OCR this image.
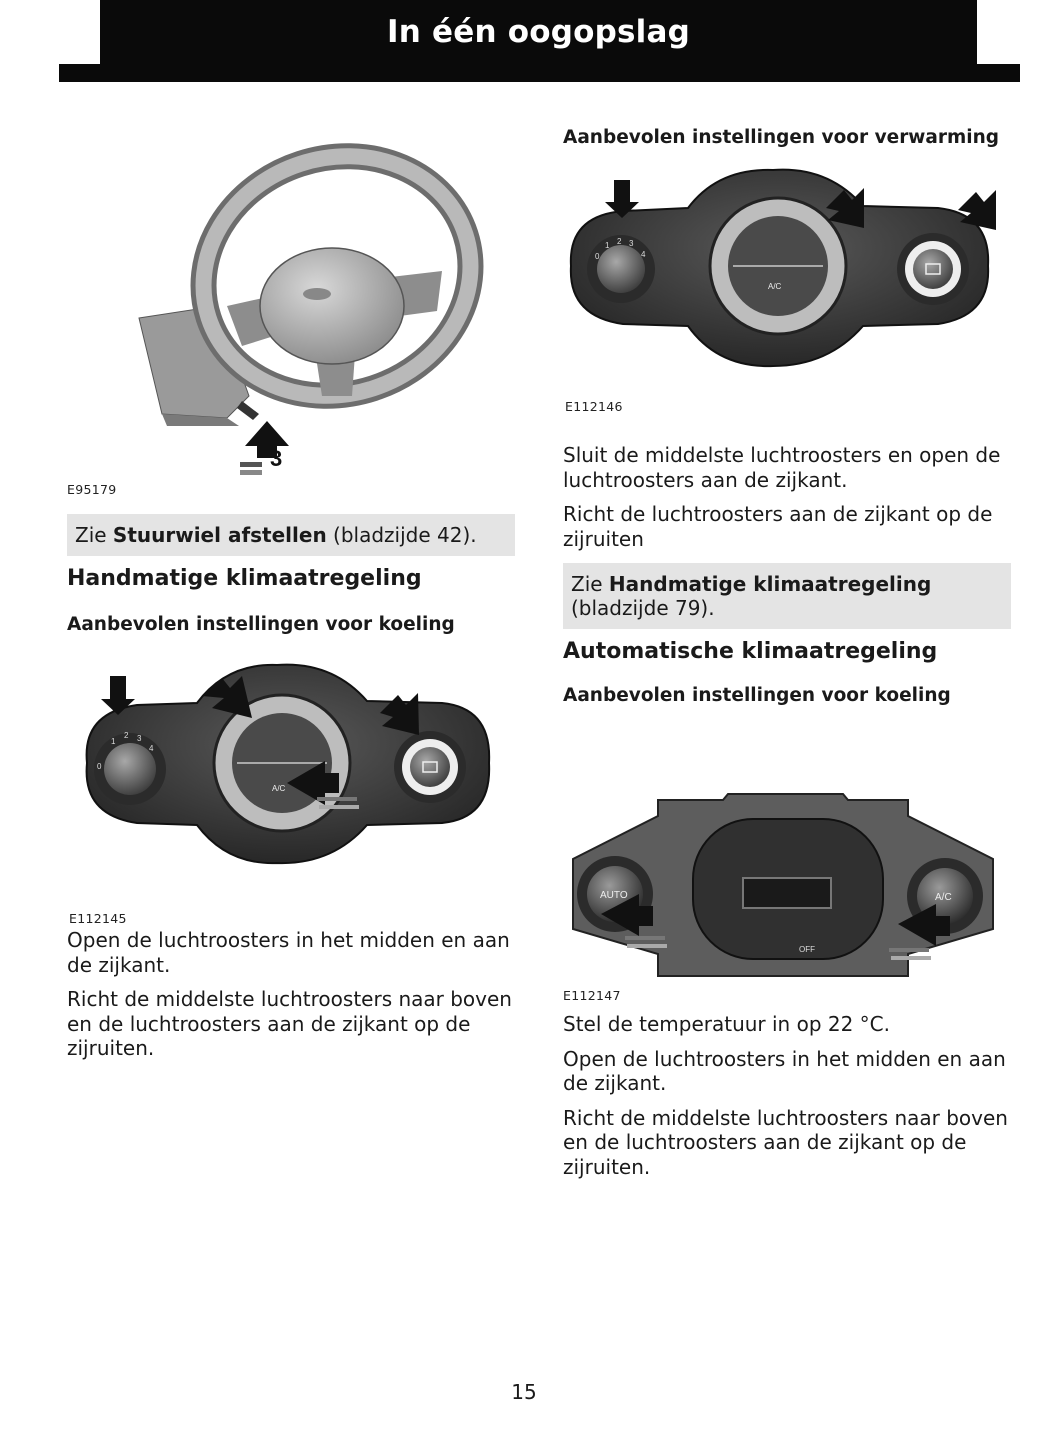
In één oogopslag
3
E95179
Zie Stuurwiel afstellen (bladzijde 42).
Handmatige klimaatregeling
Aanbevolen instellingen voor koeling
0
1
2 3
4
A/C
E112145

Open de luchtroosters in het midden en aan de zijkant.

Richt de middelste luchtroosters naar boven en de luchtroosters aan de zijkant op de zijruiten.

Aanbevolen instellingen voor verwarming
0
1 2 3
4
A/C
E112146

Sluit de middelste luchtroosters en open de luchtroosters aan de zijkant.

Richt de luchtroosters aan de zijkant op de zijruiten

Zie Handmatige klimaatregeling (bladzijde 79).
Automatische klimaatregeling
Aanbevolen instellingen voor koeling
AUTO	A/C
OFF
E112147

Stel de temperatuur in op 22 °C.

Open de luchtroosters in het midden en aan de zijkant.

Richt de middelste luchtroosters naar boven en de luchtroosters aan de zijkant op de zijruiten.

15
